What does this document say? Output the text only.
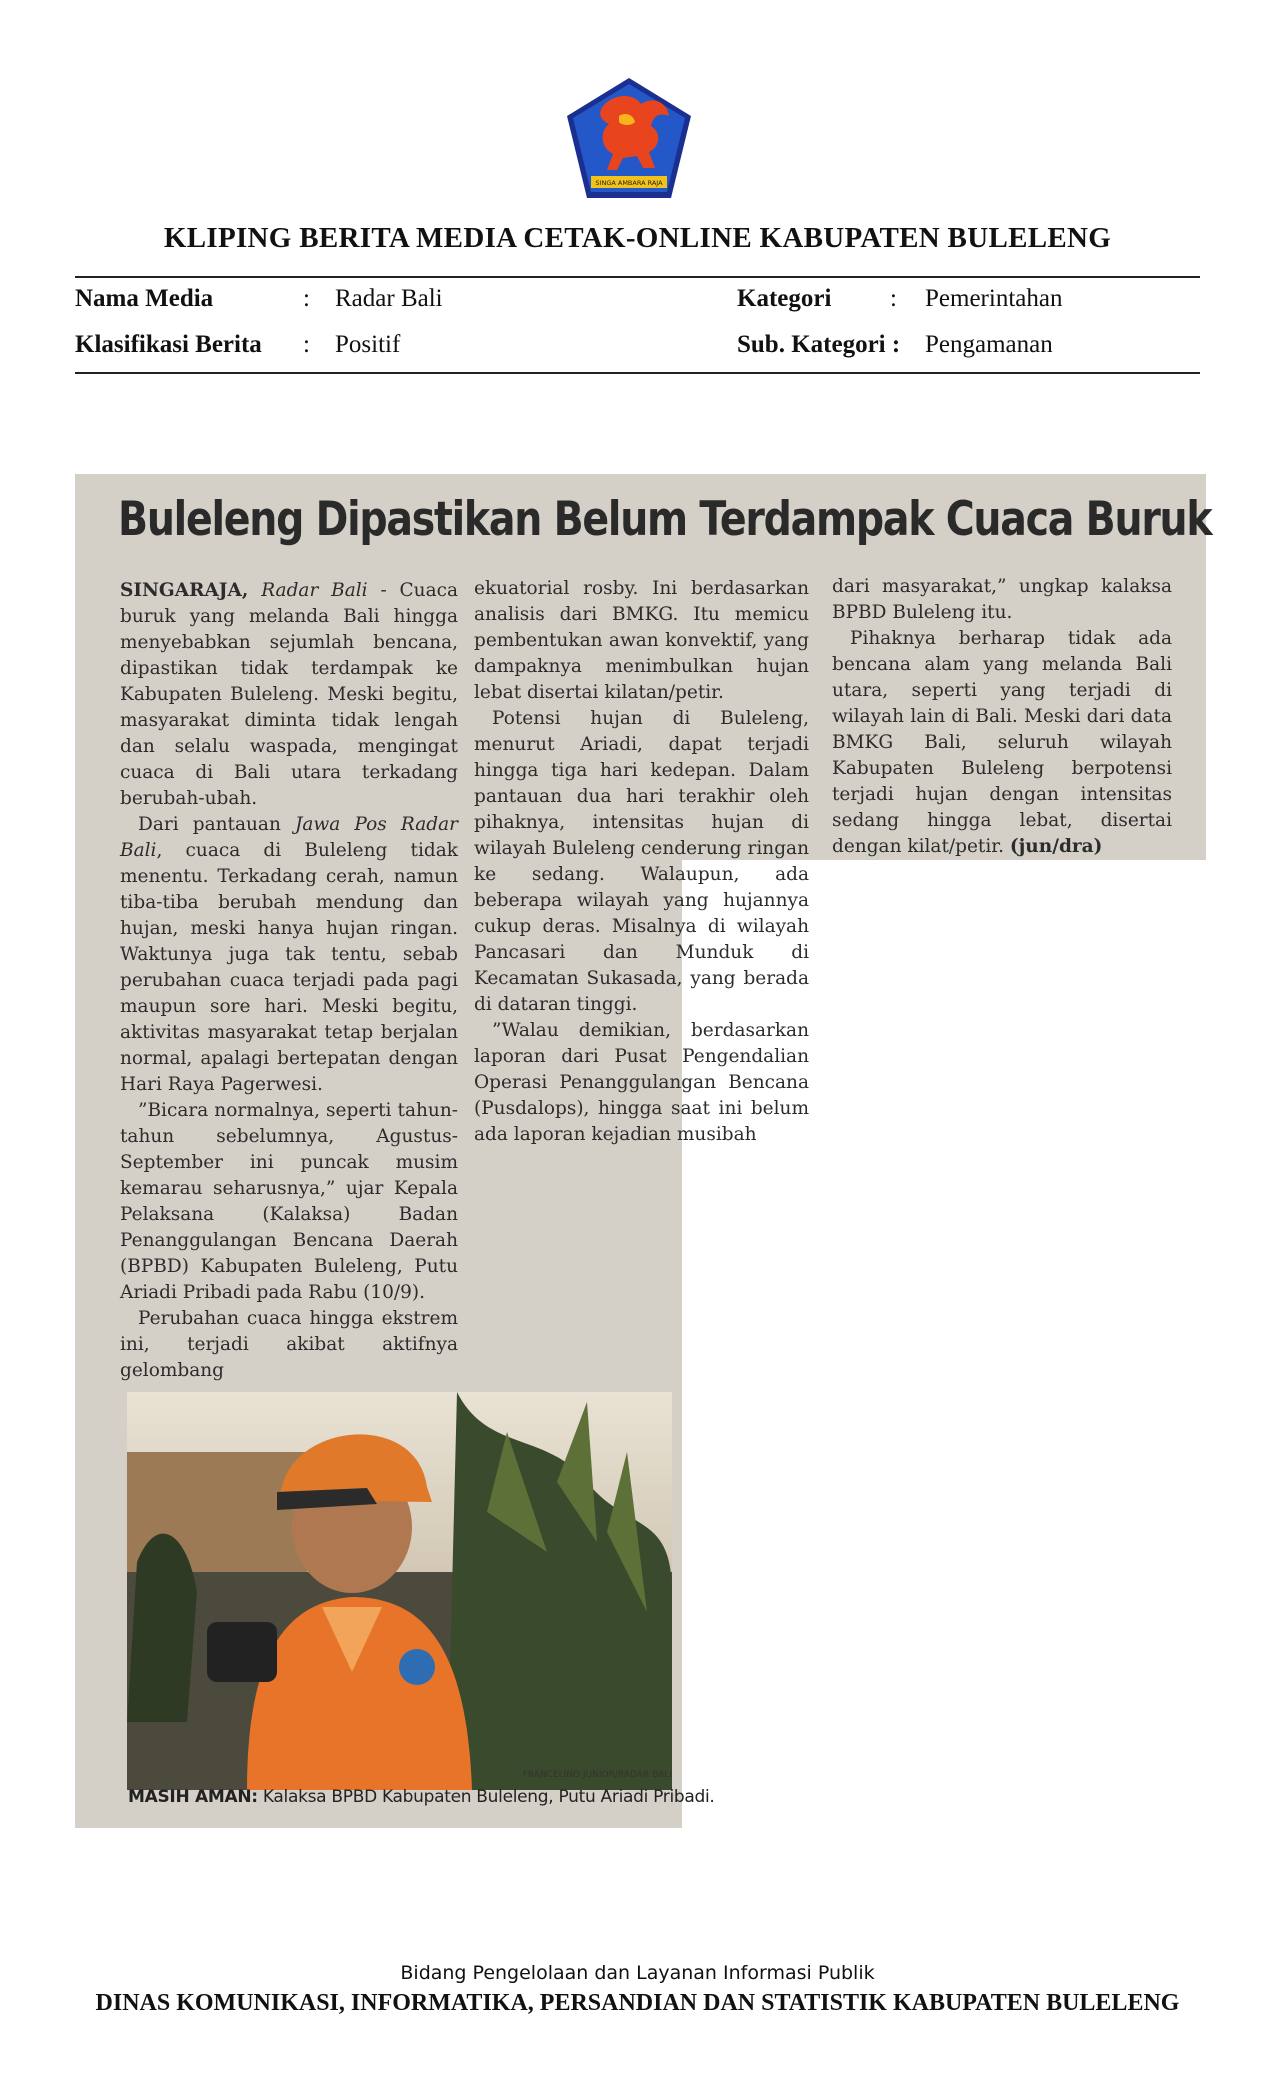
SINGA AMBARA RAJA
KLIPING BERITA MEDIA CETAK-ONLINE KABUPATEN BULELENG
Nama Media	: Radar Bali	Kategori : Pemerintahan
Klasifikasi Berita : Positif	Sub. Kategori : Pengamanan
Buleleng Dipastikan Belum Terdampak Cuaca Buruk

SINGARAJA, Radar Bali - Cuaca buruk yang melanda Bali hingga menyebabkan sejumlah bencana, dipastikan tidak terdampak ke Kabupaten Buleleng. Meski begitu, masyarakat diminta tidak lengah dan selalu waspada, mengingat cuaca di Bali utara terkadang berubah-ubah.

Dari pantauan Jawa Pos Radar Bali, cuaca di Buleleng tidak menentu. Terkadang cerah, namun tiba-tiba berubah mendung dan hujan, meski hanya hujan ringan. Waktunya juga tak tentu, sebab perubahan cuaca terjadi pada pagi maupun sore hari. Meski begitu, aktivitas masyarakat tetap berjalan normal, apalagi bertepatan dengan Hari Raya Pagerwesi.

”Bicara normalnya, seperti tahun-tahun sebelumnya, Agustus-September ini puncak musim kemarau seharusnya,” ujar Kepala Pelaksana (Kalaksa) Badan Penanggulangan Bencana Daerah (BPBD) Kabupaten Buleleng, Putu Ariadi Pribadi pada Rabu (10/9).

Perubahan cuaca hingga ekstrem ini, terjadi akibat aktifnya gelombang

ekuatorial rosby. Ini berdasarkan analisis dari BMKG. Itu memicu pembentukan awan konvektif, yang dampaknya menimbulkan hujan lebat disertai kilatan/petir.

Potensi hujan di Buleleng, menurut Ariadi, dapat terjadi hingga tiga hari kedepan. Dalam pantauan dua hari terakhir oleh pihaknya, intensitas hujan di wilayah Buleleng cenderung ringan ke sedang. Walaupun, ada beberapa wilayah yang hujannya cukup deras. Misalnya di wilayah Pancasari dan Munduk di Kecamatan Sukasada, yang berada di dataran tinggi.

”Walau demikian, berdasarkan laporan dari Pusat Pengendalian Operasi Penanggulangan Bencana (Pusdalops), hingga saat ini belum ada laporan kejadian musibah

dari masyarakat,” ungkap kalaksa BPBD Buleleng itu.

Pihaknya berharap tidak ada bencana alam yang melanda Bali utara, seperti yang terjadi di wilayah lain di Bali. Meski dari data BMKG Bali, seluruh wilayah Kabupaten Buleleng berpotensi terjadi hujan dengan intensitas sedang hingga lebat, disertai dengan kilat/petir. (jun/dra)

FRANCELINO JUNIOR/RADAR BALI
MASIH AMAN: Kalaksa BPBD Kabupaten Buleleng, Putu Ariadi Pribadi.
Bidang Pengelolaan dan Layanan Informasi Publik
DINAS KOMUNIKASI, INFORMATIKA, PERSANDIAN DAN STATISTIK KABUPATEN BULELENG
